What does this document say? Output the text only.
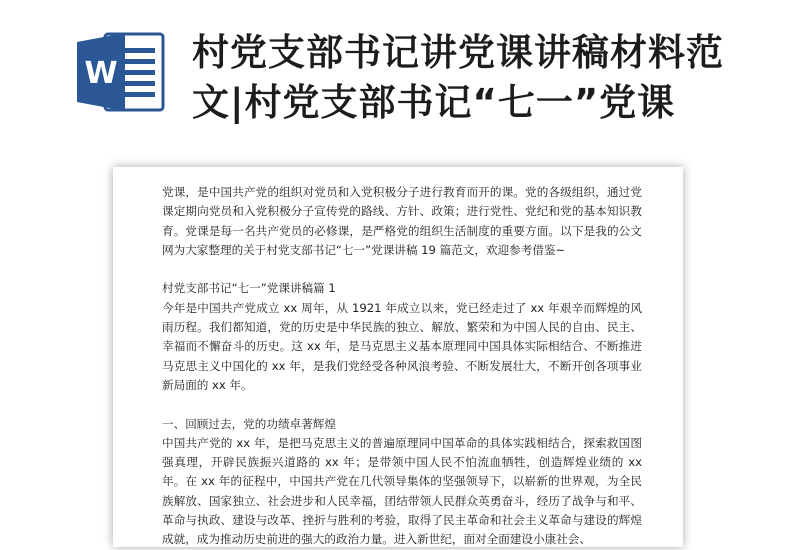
W 村党支部书记讲党课讲稿材料范
文|村党支部书记“七一”党课

党课，是中国共产党的组织对党员和入党积极分子进行教育而开的课。党的各级组织，通过党课定期向党员和入党积极分子宣传党的路线、方针、政策；进行党性、党纪和党的基本知识教育。党课是每一名共产党员的必修课，是严格党的组织生活制度的重要方面。以下是我的公文网为大家整理的关于村党支部书记“七一”党课讲稿 19 篇范文，欢迎参考借鉴~

村党支部书记“七一”党课讲稿篇 1

今年是中国共产党成立 xx 周年，从 1921 年成立以来，党已经走过了 xx 年艰辛而辉煌的风雨历程。我们都知道，党的历史是中华民族的独立、解放、繁荣和为中国人民的自由、民主、幸福而不懈奋斗的历史。这 xx 年，是马克思主义基本原理同中国具体实际相结合、不断推进马克思主义中国化的 xx 年，是我们党经受各种风浪考验、不断发展壮大，不断开创各项事业新局面的 xx 年。

一、回顾过去，党的功绩卓著辉煌

中国共产党的 xx 年，是把马克思主义的普遍原理同中国革命的具体实践相结合，探索救国图强真理，开辟民族振兴道路的 xx 年；是带领中国人民不怕流血牺牲，创造辉煌业绩的 xx 年。在 xx 年的征程中，中国共产党在几代领导集体的坚强领导下，以崭新的世界观，为全民族解放、国家独立、社会进步和人民幸福，团结带领人民群众英勇奋斗，经历了战争与和平、革命与执政、建设与改革、挫折与胜利的考验，取得了民主革命和社会主义革命与建设的辉煌成就，成为推动历史前进的强大的政治力量。进入新世纪，面对全面建设小康社会、
